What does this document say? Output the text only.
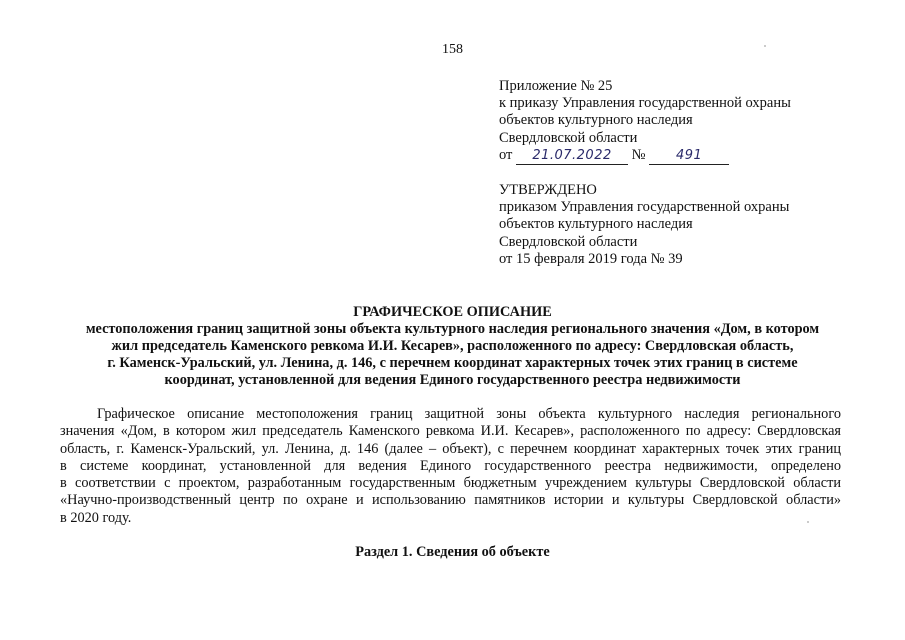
158
Приложение № 25
к приказу Управления государственной охраны
объектов культурного наследия
Свердловской области
от 21.07.2022 № 491
УТВЕРЖДЕНО
приказом Управления государственной охраны
объектов культурного наследия
Свердловской области
от 15 февраля 2019 года № 39
ГРАФИЧЕСКОЕ ОПИСАНИЕ
местоположения границ защитной зоны объекта культурного наследия регионального значения «Дом, в котором
жил председатель Каменского ревкома И.И. Кесарев», расположенного по адресу: Свердловская область,
г. Каменск-Уральский, ул. Ленина, д. 146, с перечнем координат характерных точек этих границ в системе
координат, установленной для ведения Единого государственного реестра недвижимости
Графическое описание местоположения границ защитной зоны объекта культурного наследия регионального
значения «Дом, в котором жил председатель Каменского ревкома И.И. Кесарев», расположенного по адресу: Свердловская
область, г. Каменск-Уральский, ул. Ленина, д. 146 (далее – объект), с перечнем координат характерных точек этих границ
в системе координат, установленной для ведения Единого государственного реестра недвижимости, определено
в соответствии с проектом, разработанным государственным бюджетным учреждением культуры Свердловской области
«Научно-производственный центр по охране и использованию памятников истории и культуры Свердловской области»
в 2020 году.
Раздел 1. Сведения об объекте
